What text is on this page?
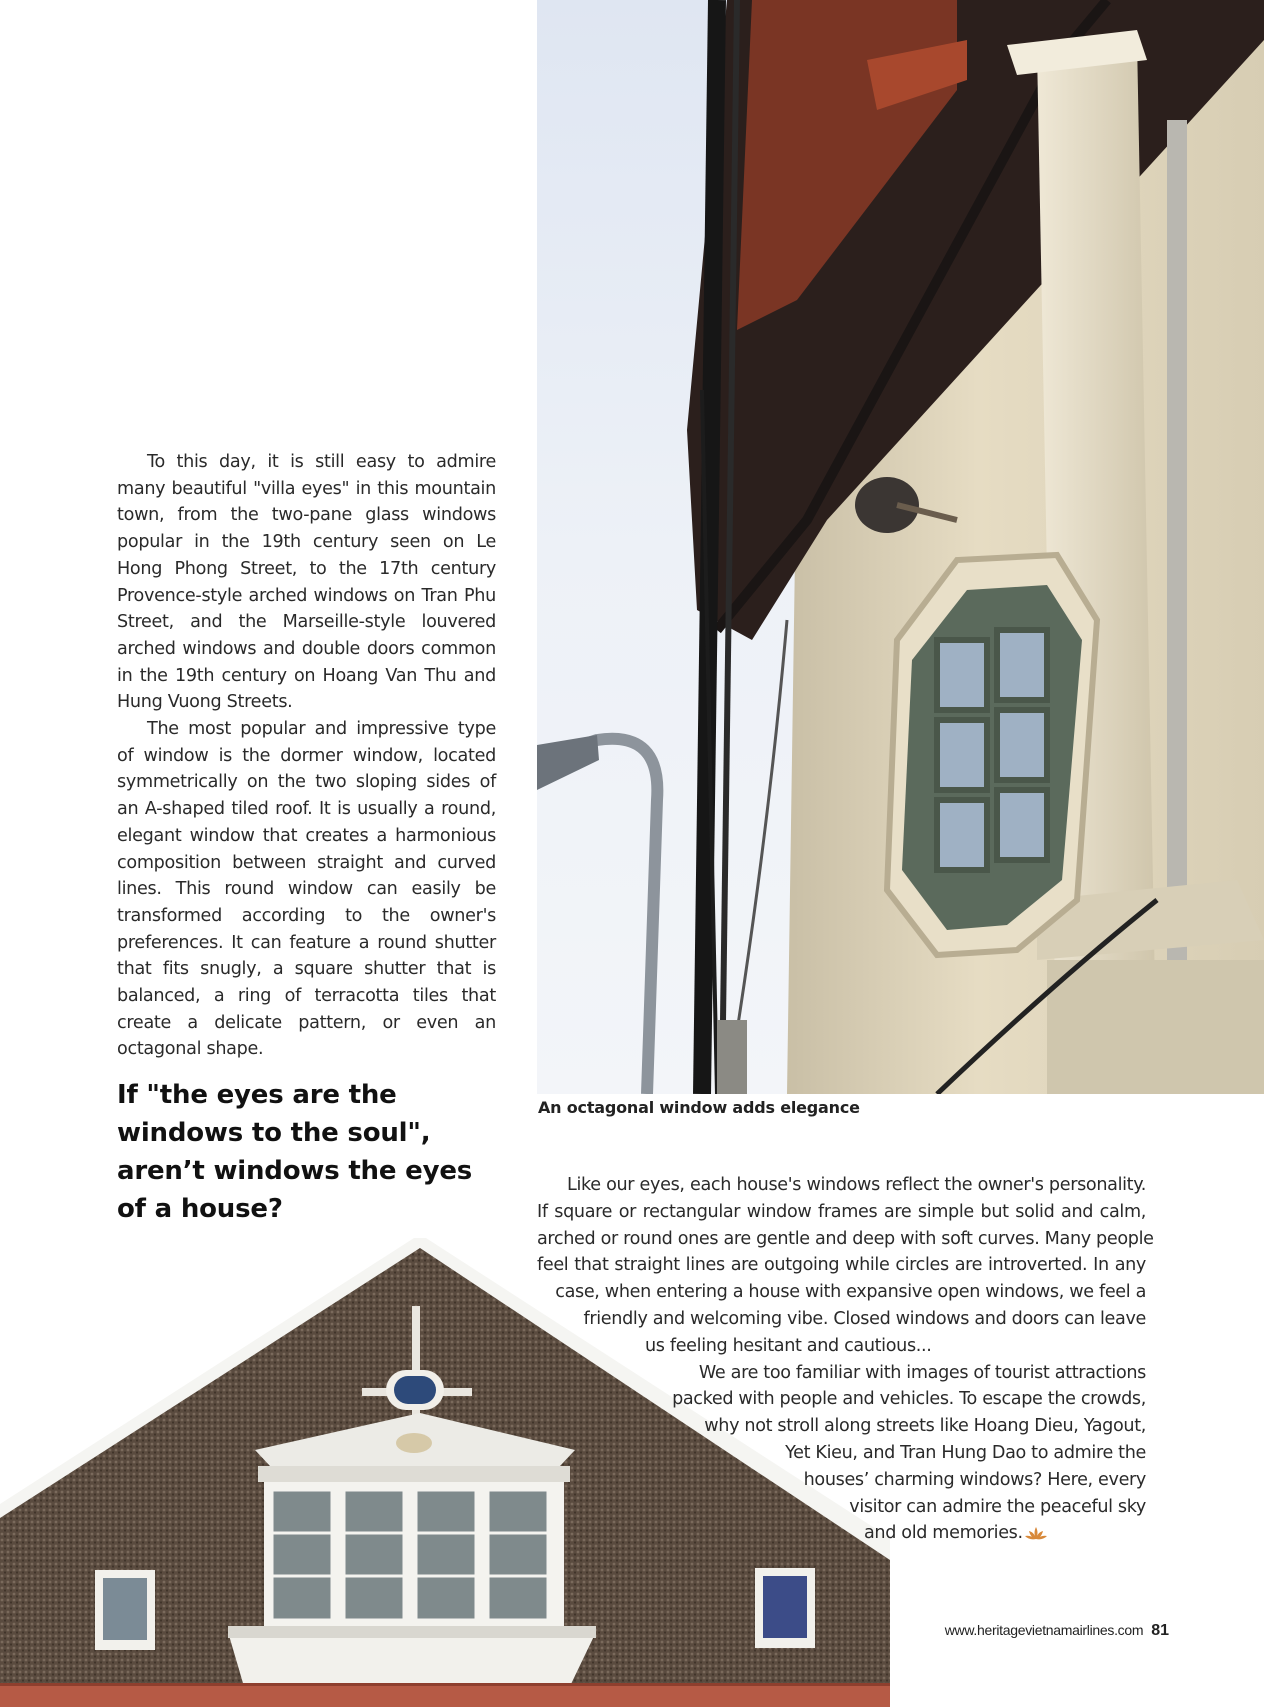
An octagonal window adds elegance

To this day, it is still easy to admire many beautiful "villa eyes" in this mountain town, from the two-pane glass windows popular in the 19th century seen on Le Hong Phong Street, to the 17th century Provence-style arched windows on Tran Phu Street, and the Marseille-style louvered arched windows and double doors common in the 19th century on Hoang Van Thu and Hung Vuong Streets.

The most popular and impressive type of window is the dormer window, located symmetrically on the two sloping sides of an A-shaped tiled roof. It is usually a round, elegant window that creates a harmonious composition between straight and curved lines. This round window can easily be transformed according to the owner's preferences. It can feature a round shutter that fits snugly, a square shutter that is balanced, a ring of terracotta tiles that create a delicate pattern, or even an octagonal shape.

If "the eyes are the windows to the soul", aren’t windows the eyes of a house?
Like our eyes, each house's windows reflect the owner's personality.
If square or rectangular window frames are simple but solid and calm,
arched or round ones are gentle and deep with soft curves. Many people
feel that straight lines are outgoing while circles are introverted. In any
case, when entering a house with expansive open windows, we feel a
friendly and welcoming vibe. Closed windows and doors can leave
us feeling hesitant and cautious...
We are too familiar with images of tourist attractions
packed with people and vehicles. To escape the crowds,
why not stroll along streets like Hoang Dieu, Yagout,
Yet Kieu, and Tran Hung Dao to admire the
houses’ charming windows? Here, every
visitor can admire the peaceful sky
and old memories.
www.heritagevietnamairlines.com 81
